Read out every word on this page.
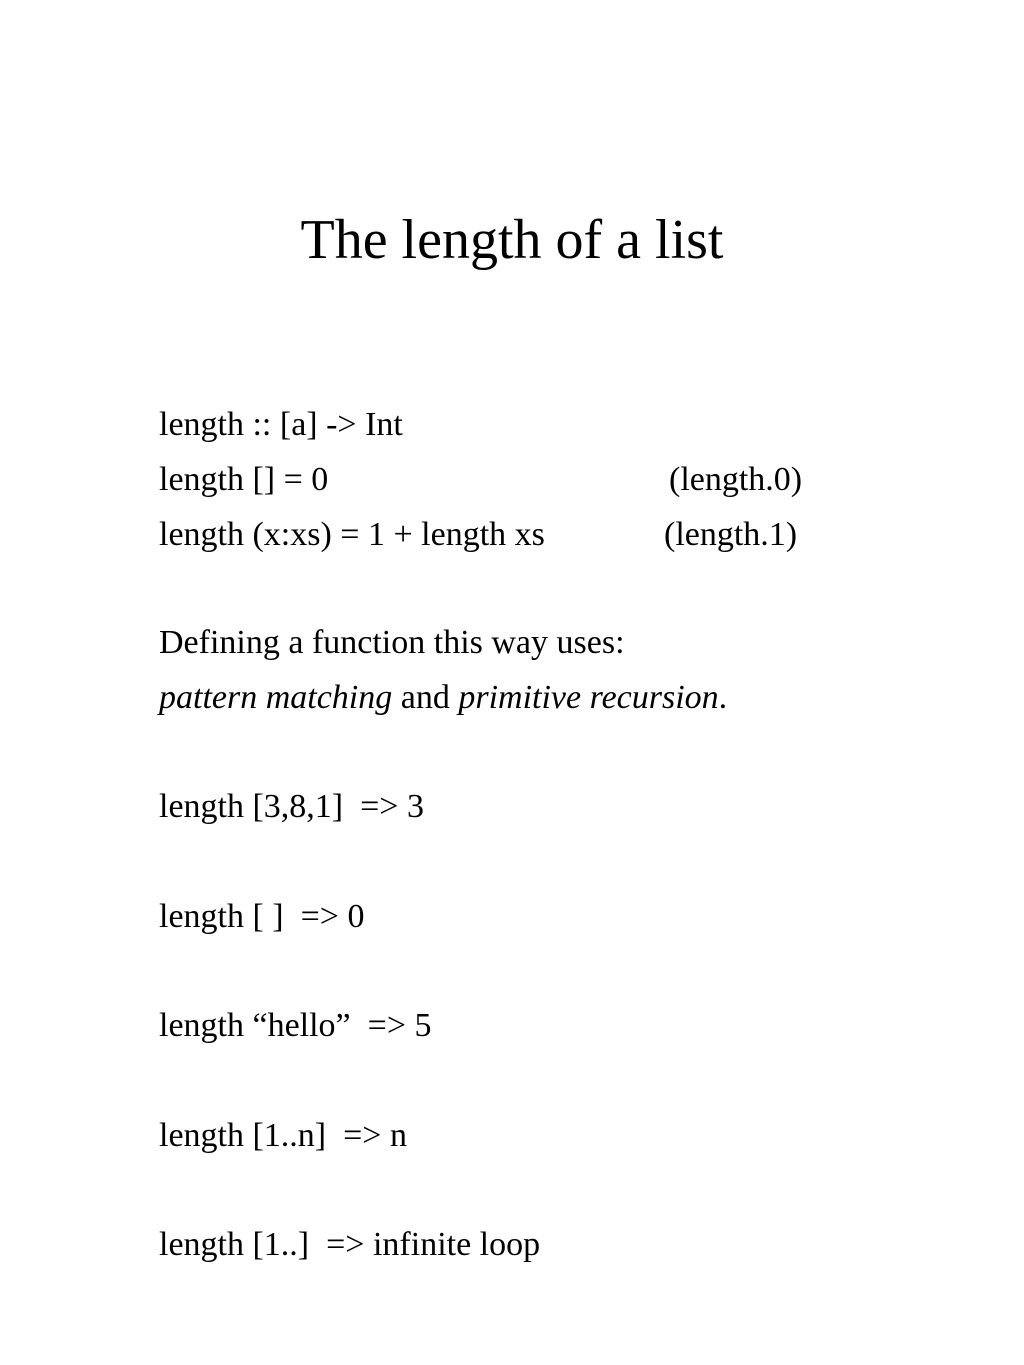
The length of a list
length :: [a] -> Int
length [] = 0	(length.0)
length (x:xs) = 1 + length xs	(length.1)
Defining a function this way uses:
pattern matching and primitive recursion.
length [3,8,1]  => 3
length [ ]  => 0
length “hello”  => 5
length [1..n]  => n
length [1..]  => infinite loop
